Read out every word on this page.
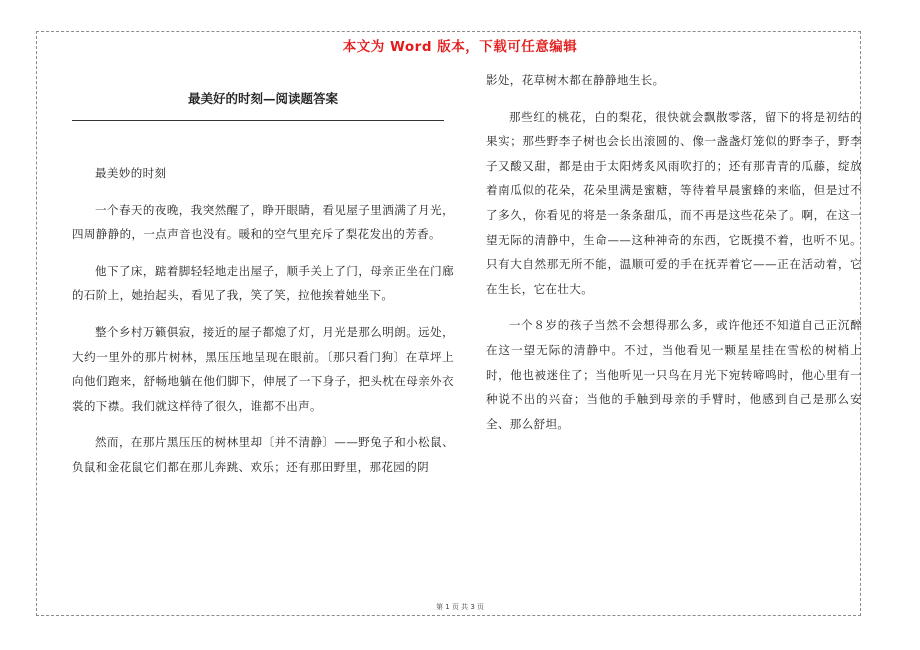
本文为 Word 版本，下载可任意编辑
最美好的时刻—阅读题答案

最美妙的时刻

一个春天的夜晚，我突然醒了，睁开眼睛，看见屋子里洒满了月光，四周静静的，一点声音也没有。暖和的空气里充斥了梨花发出的芳香。

他下了床，踮着脚轻轻地走出屋子，顺手关上了门，母亲正坐在门廊的石阶上，她抬起头，看见了我，笑了笑，拉他挨着她坐下。

整个乡村万籁俱寂，接近的屋子都熄了灯，月光是那么明朗。远处，大约一里外的那片树林，黑压压地呈现在眼前。〔那只看门狗〕在草坪上向他们跑来，舒畅地躺在他们脚下，伸展了一下身子，把头枕在母亲外衣裳的下襟。我们就这样待了很久，谁都不出声。

然而，在那片黑压压的树林里却〔并不清静〕——野兔子和小松鼠、负鼠和金花鼠它们都在那儿奔跳、欢乐；还有那田野里，那花园的阴

影处，花草树木都在静静地生长。

那些红的桃花，白的梨花，很快就会飘散零落，留下的将是初结的果实；那些野李子树也会长出滚圆的、像一盏盏灯笼似的野李子，野李子又酸又甜，都是由于太阳烤炙风雨吹打的；还有那青青的瓜藤，绽放着南瓜似的花朵，花朵里满是蜜糖，等待着早晨蜜蜂的来临，但是过不了多久，你看见的将是一条条甜瓜，而不再是这些花朵了。啊，在这一望无际的清静中，生命——这种神奇的东西，它既摸不着，也听不见。只有大自然那无所不能，温顺可爱的手在抚弄着它——正在活动着，它在生长，它在壮大。

一个８岁的孩子当然不会想得那么多，或许他还不知道自己正沉醉在这一望无际的清静中。不过，当他看见一颗星星挂在雪松的树梢上时，他也被迷住了；当他听见一只鸟在月光下宛转啼鸣时，他心里有一种说不出的兴奋；当他的手触到母亲的手臂时，他感到自己是那么安全、那么舒坦。

第 1 页 共 3 页
